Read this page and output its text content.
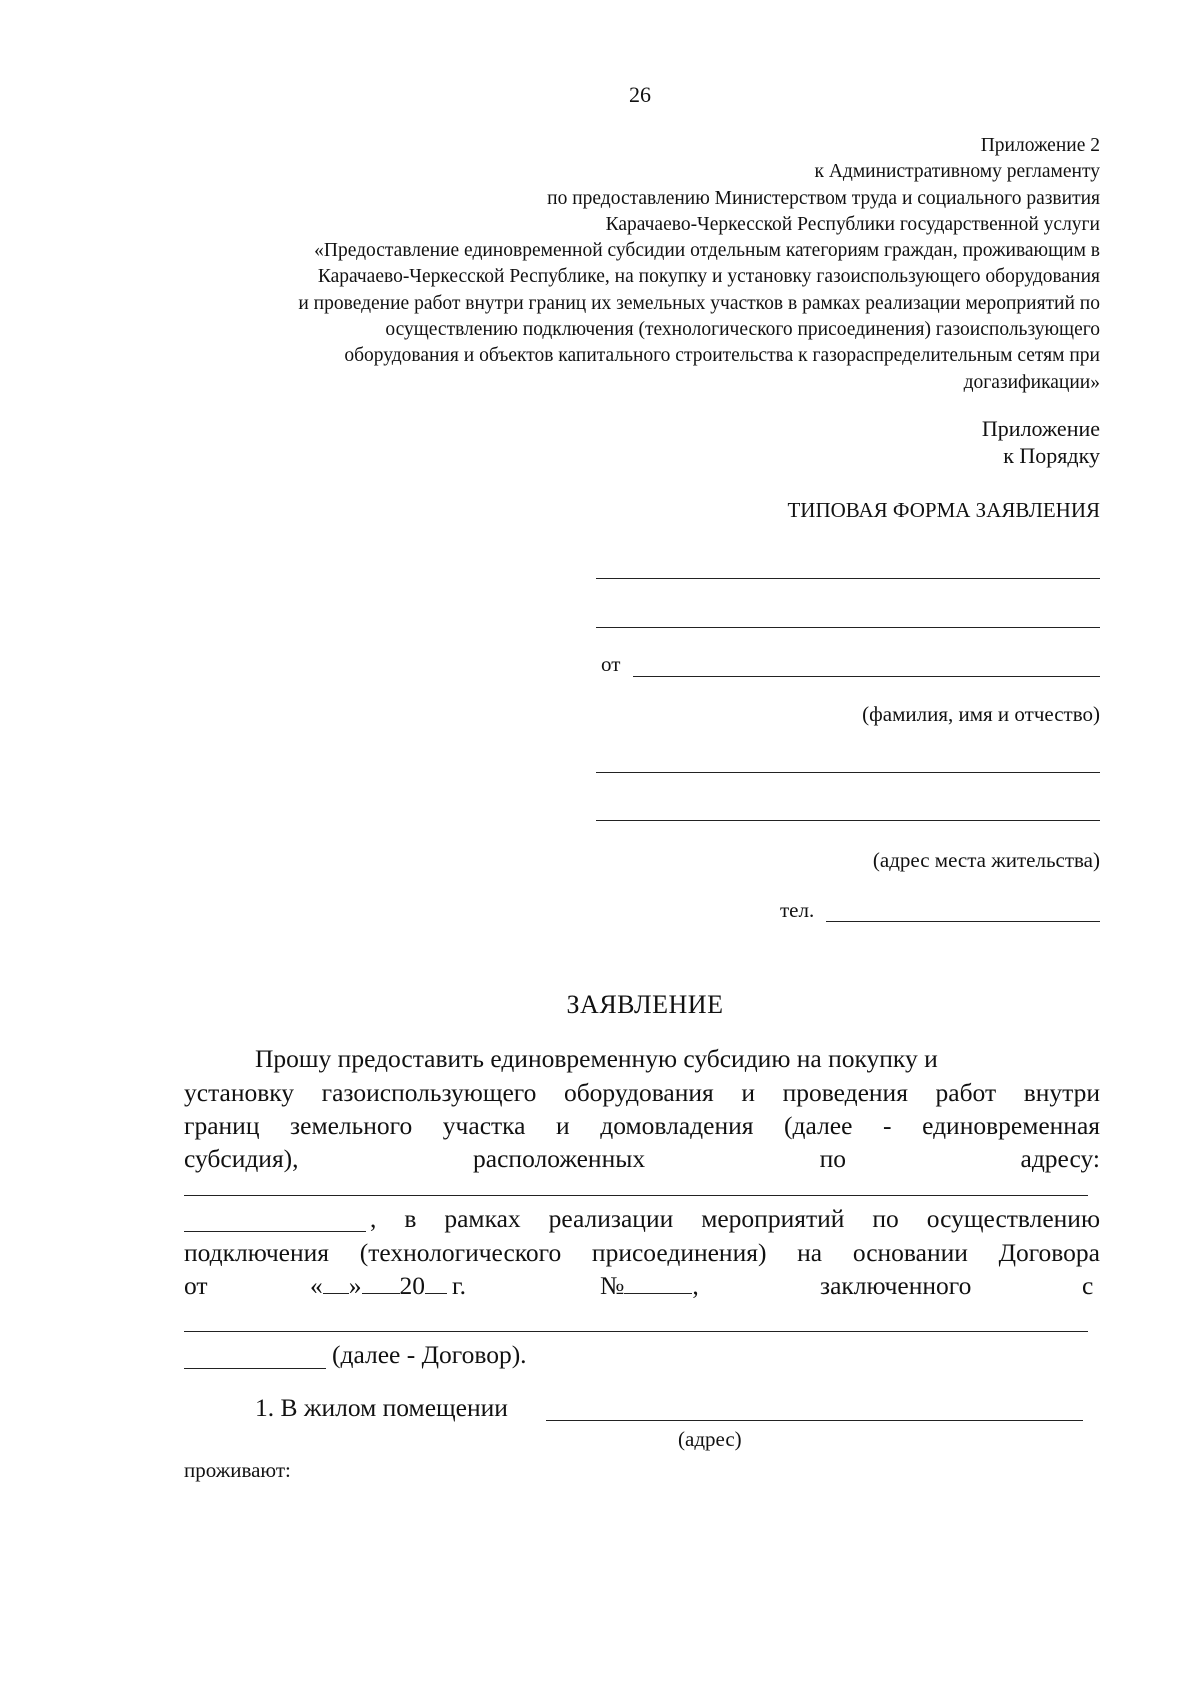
26
Приложение 2
к Административному регламенту
по предоставлению Министерством труда и социального развития
Карачаево-Черкесской Республики государственной услуги
«Предоставление единовременной субсидии отдельным категориям граждан, проживающим в
Карачаево-Черкесской Республике, на покупку и установку газоиспользующего оборудования
и проведение работ внутри границ их земельных участков в рамках реализации мероприятий по
осуществлению подключения (технологического присоединения) газоиспользующего
оборудования и объектов капитального строительства к газораспределительным сетям при
догазификации»
Приложение
к Порядку
ТИПОВАЯ ФОРМА ЗАЯВЛЕНИЯ
от
(фамилия, имя и отчество)
(адрес места жительства)
тел.
ЗАЯВЛЕНИЕ
Прошу предоставить единовременную субсидию на покупку и
установку газоиспользующего оборудования и проведения работ внутри
границ земельного участка и домовладения (далее - единовременная
субсидия),	расположенных	по	адресу:
, в рамках реализации мероприятий по осуществлению
подключения (технологического присоединения) на основании Договора
от	« » 20 г.	№	,	заключенного	с
(далее - Договор).
1. В жилом помещении
(адрес)
проживают:
